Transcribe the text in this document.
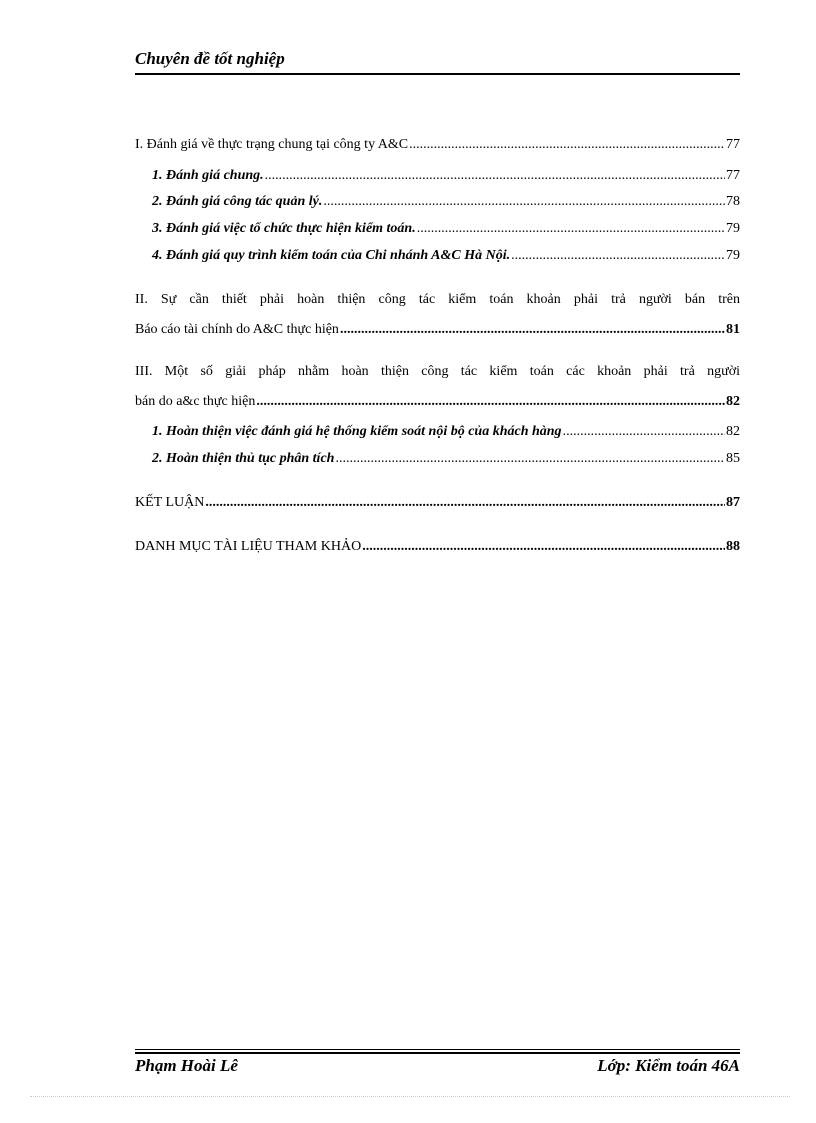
Chuyên đề tốt nghiệp
I. Đánh giá về thực trạng chung tại công ty A&C .....	77
1. Đánh giá chung. .....	77
2. Đánh giá công tác quản lý. .....	78
3. Đánh giá việc tổ chức thực hiện kiểm toán. .....	79
4. Đánh giá quy trình kiểm toán của Chi nhánh A&C Hà Nội. .....	79
II. Sự cần thiết phải hoàn thiện công tác kiểm toán khoản phải trả người bán trên
Báo cáo tài chính do A&C thực hiện .....	81
III. Một số giải pháp nhằm hoàn thiện công tác kiểm toán các khoản phải trả người
bán do a&c thực hiện .....	82
1. Hoàn thiện việc đánh giá hệ thống kiểm soát nội bộ của khách hàng .....	82
2. Hoàn thiện thủ tục phân tích .....	85
KẾT LUẬN .....	87
DANH MỤC TÀI LIỆU THAM KHẢO .....	88
Phạm Hoài Lê	Lớp: Kiểm toán 46A
